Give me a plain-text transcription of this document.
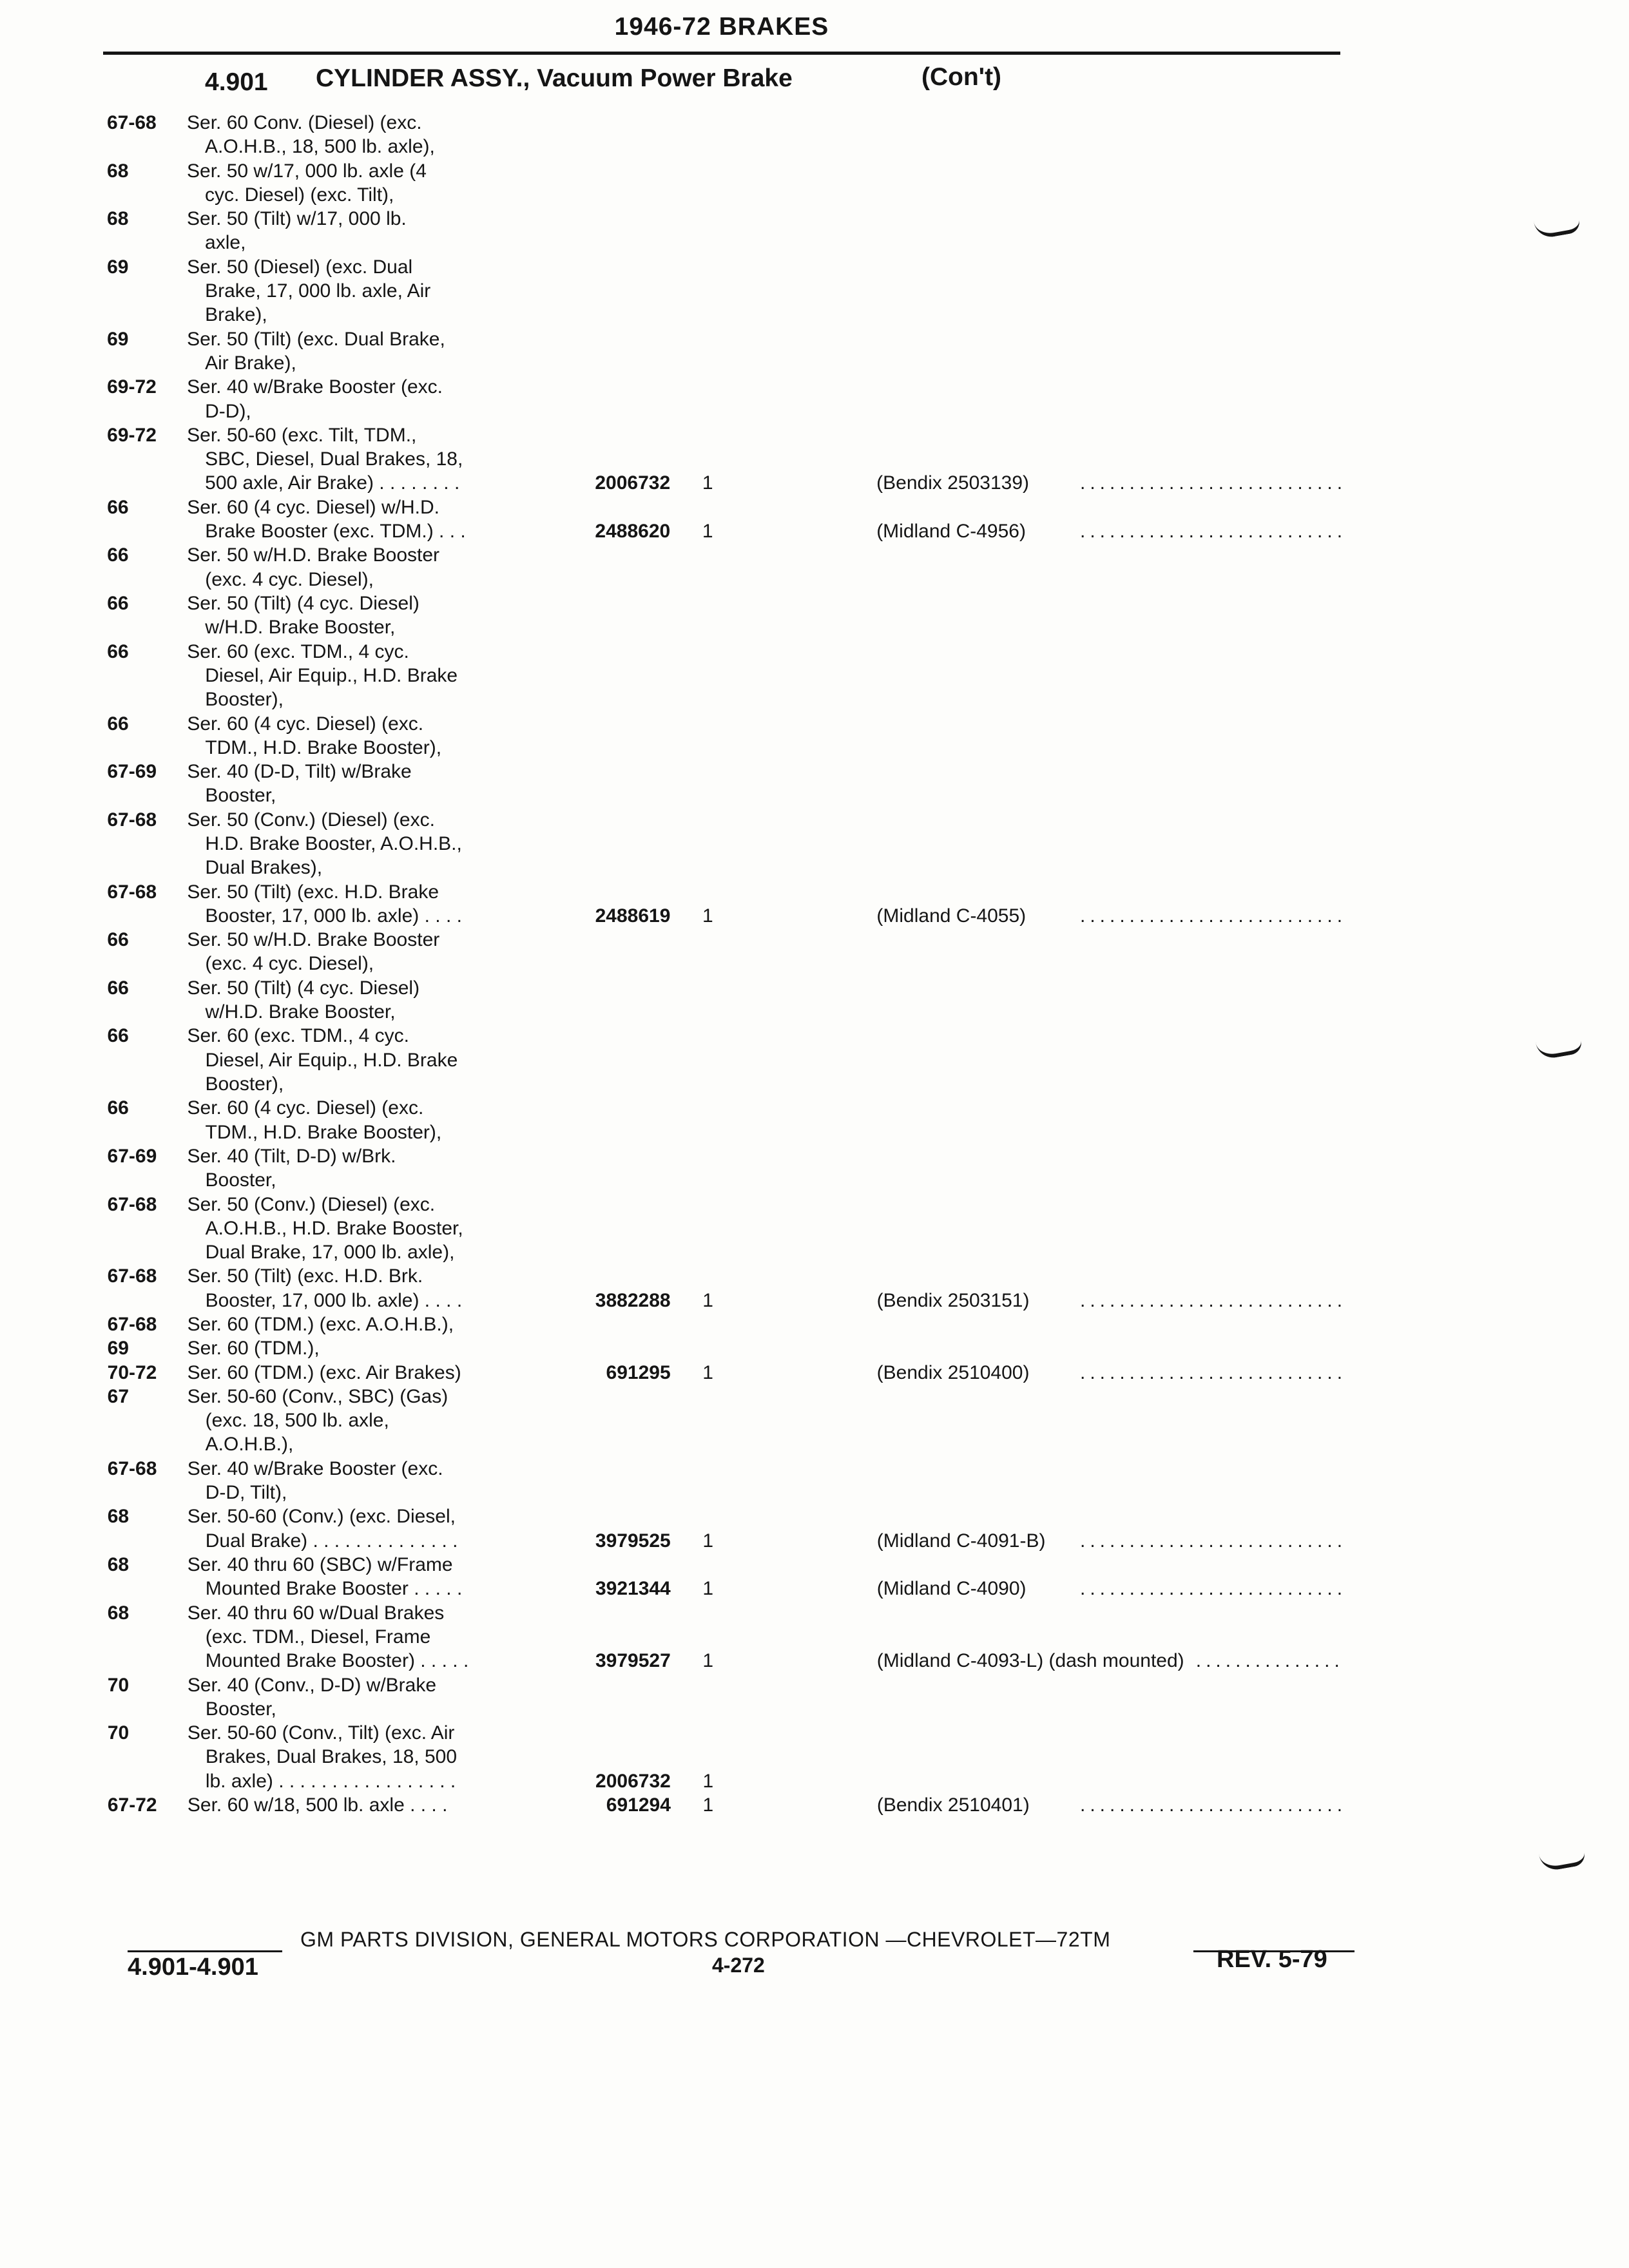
1946-72 BRAKES
4.901 CYLINDER ASSY., Vacuum Power Brake	(Con't)
67-68 Ser. 60 Conv. (Diesel) (exc.
A.O.H.B., 18, 500 lb. axle),
68	Ser. 50 w/17, 000 lb. axle (4
cyc. Diesel) (exc. Tilt),
68	Ser. 50 (Tilt) w/17, 000 lb.
axle,
69	Ser. 50 (Diesel) (exc. Dual
Brake, 17, 000 lb. axle, Air
Brake),
69	Ser. 50 (Tilt) (exc. Dual Brake,
Air Brake),
69-72 Ser. 40 w/Brake Booster (exc.
D-D),
69-72 Ser. 50-60 (exc. Tilt, TDM.,
SBC, Diesel, Dual Brakes, 18,
500 axle, Air Brake) . . . . . . . .	2006732	1	(Bendix 2503139)	...........................
66	Ser. 60 (4 cyc. Diesel) w/H.D.
Brake Booster (exc. TDM.) . . .	2488620	1	(Midland C-4956)	...........................
66	Ser. 50 w/H.D. Brake Booster
(exc. 4 cyc. Diesel),
66	Ser. 50 (Tilt) (4 cyc. Diesel)
w/H.D. Brake Booster,
66	Ser. 60 (exc. TDM., 4 cyc.
Diesel, Air Equip., H.D. Brake
Booster),
66	Ser. 60 (4 cyc. Diesel) (exc.
TDM., H.D. Brake Booster),
67-69 Ser. 40 (D-D, Tilt) w/Brake
Booster,
67-68 Ser. 50 (Conv.) (Diesel) (exc.
H.D. Brake Booster, A.O.H.B.,
Dual Brakes),
67-68 Ser. 50 (Tilt) (exc. H.D. Brake
Booster, 17, 000 lb. axle) . . . .	2488619	1	(Midland C-4055)	...........................
66	Ser. 50 w/H.D. Brake Booster
(exc. 4 cyc. Diesel),
66	Ser. 50 (Tilt) (4 cyc. Diesel)
w/H.D. Brake Booster,
66	Ser. 60 (exc. TDM., 4 cyc.
Diesel, Air Equip., H.D. Brake
Booster),
66	Ser. 60 (4 cyc. Diesel) (exc.
TDM., H.D. Brake Booster),
67-69 Ser. 40 (Tilt, D-D) w/Brk.
Booster,
67-68 Ser. 50 (Conv.) (Diesel) (exc.
A.O.H.B., H.D. Brake Booster,
Dual Brake, 17, 000 lb. axle),
67-68 Ser. 50 (Tilt) (exc. H.D. Brk.
Booster, 17, 000 lb. axle) . . . .	3882288	1	(Bendix 2503151)	...........................
67-68 Ser. 60 (TDM.) (exc. A.O.H.B.),
69	Ser. 60 (TDM.),
70-72 Ser. 60 (TDM.) (exc. Air Brakes)	691295	1	(Bendix 2510400)	...........................
67	Ser. 50-60 (Conv., SBC) (Gas)
(exc. 18, 500 lb. axle,
A.O.H.B.),
67-68 Ser. 40 w/Brake Booster (exc.
D-D, Tilt),
68	Ser. 50-60 (Conv.) (exc. Diesel,
Dual Brake) . . . . . . . . . . . . . .	3979525	1	(Midland C-4091-B) ...........................
68	Ser. 40 thru 60 (SBC) w/Frame
Mounted Brake Booster . . . . .	3921344	1	(Midland C-4090)	...........................
68	Ser. 40 thru 60 w/Dual Brakes
(exc. TDM., Diesel, Frame
Mounted Brake Booster) . . . . .	3979527	1	(Midland C-4093-L) (dash mounted) ...............
70	Ser. 40 (Conv., D-D) w/Brake
Booster,
70	Ser. 50-60 (Conv., Tilt) (exc. Air
Brakes, Dual Brakes, 18, 500
lb. axle) . . . . . . . . . . . . . . . . .	2006732	1
67-72 Ser. 60 w/18, 500 lb. axle . . . .	691294	1	(Bendix 2510401)	...........................
GM PARTS DIVISION, GENERAL MOTORS CORPORATION —CHEVROLET—72TM
4.901-4.901	4-272	REV. 5-79
